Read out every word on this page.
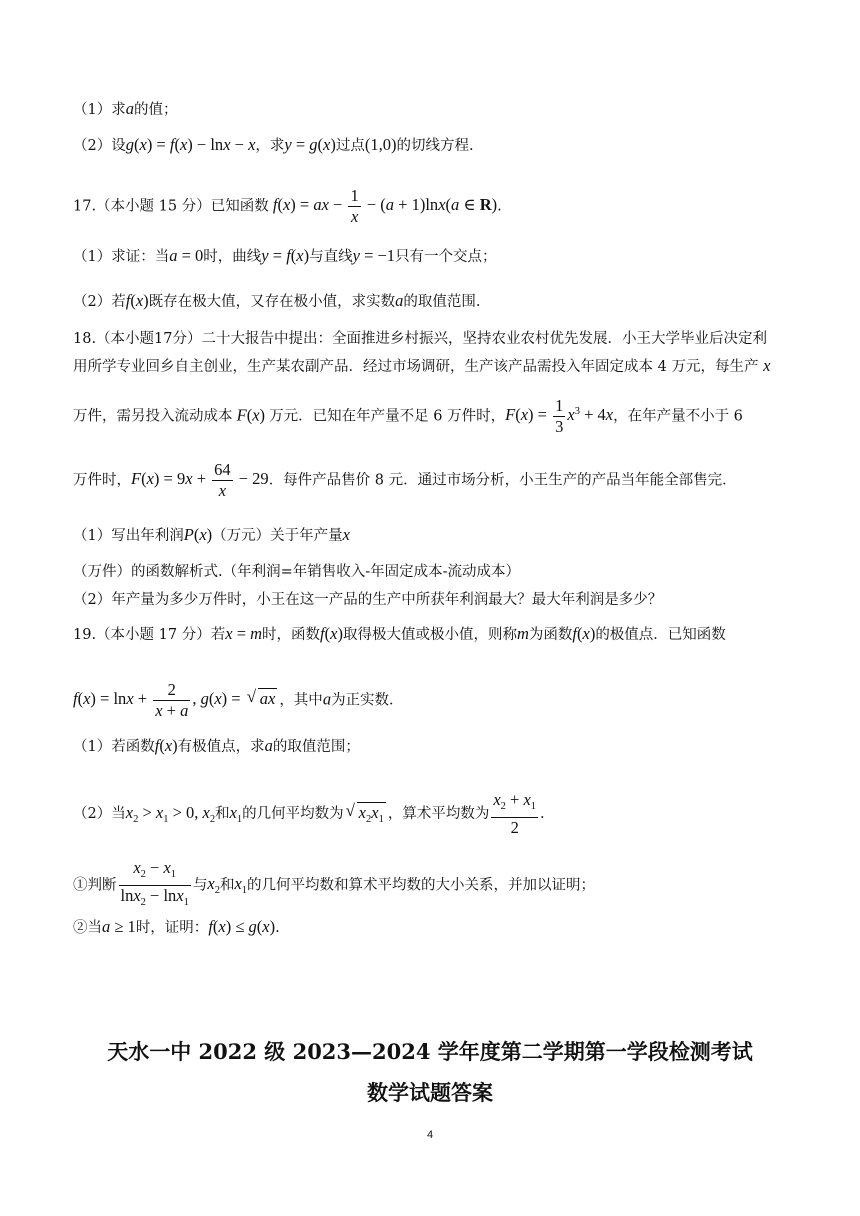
（1）求a的值；
（2）设g(x) = f(x) − lnx − x，求y = g(x)过点(1,0)的切线方程.
17.（本小题 15 分）已知函数 f(x) = ax − $\frac{1}{x} - (a + 1)\ln x(a$ ∈ R).
（1）求证：当a = 0时，曲线y = f(x)与直线y = −1只有一个交点；
（2）若f(x)既存在极大值，又存在极小值，求实数a的取值范围.
18.（本小题17分）二十大报告中提出：全面推进乡村振兴，坚持农业农村优先发展．小王大学毕业后决定利
用所学专业回乡自主创业，生产某农副产品．经过市场调研，生产该产品需投入年固定成本 4 万元，每生产 x
万件，需另投入流动成本 F(x) 万元．已知在年产量不足 6 万件时，$F(x) = \frac{1}{3} x^3 + 4x$，在年产量不小于 6
万件时，$F(x) = 9x + \frac{64}{x} - 29$．每件产品售价 8 元．通过市场分析，小王生产的产品当年能全部售完．
（1）写出年利润P(x)（万元）关于年产量x（万件）的函数解析式.（年利润=年销售收入-年固定成本-流动成本）
（2）年产量为多少万件时，小王在这一产品的生产中所获年利润最大？最大年利润是多少？
19.（本小题 17 分）若x = m时，函数f(x)取得极大值或极小值，则称m为函数f(x)的极值点．已知函数
$f(x) = \ln x + \frac{2}{x + a}$ , g(x) = √ ax ，其中a为正实数．
（1）若函数f(x)有极值点，求a的取值范围；
（2）当$x_2 > x_1 > 0$, $x_2$和$x_1$的几何平均数为√ $x_2x_1$ ，算术平均数为 $\frac{x_2 + x_1}{2}$ .
①判断 $\frac{x_2 - x_1}{\ln x_2 - \ln x_1}$ 与$x_2$和$x_1$的几何平均数和算术平均数的大小关系，并加以证明；
②当a ≥ 1时，证明：f(x) ≤ g(x).
天水一中 2022 级 2023—2024 学年度第二学期第一学段检测考试
数学试题答案
4
